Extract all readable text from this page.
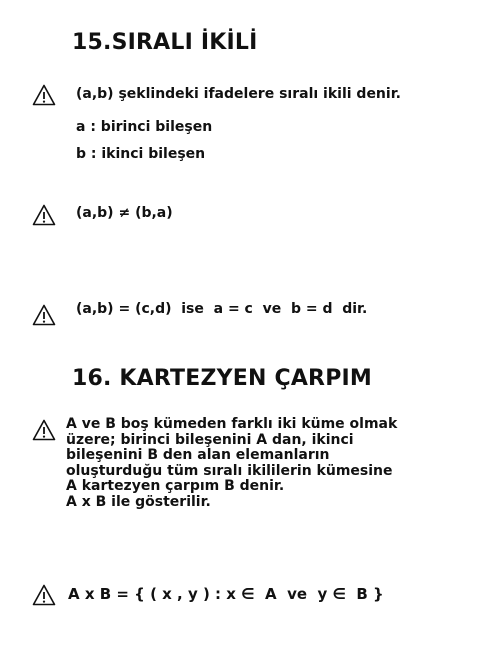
15.SIRALI İKİLİ
(a,b) şeklindeki ifadelere sıralı ikili denir.
a : birinci bileşen
b : ikinci bileşen
(a,b) ≠ (b,a)
(a,b) = (c,d)  ise  a = c  ve  b = d  dir.
16. KARTEZYEN ÇARPIM
A ve B boş kümeden farklı iki küme olmak
üzere; birinci bileşenini A dan, ikinci
bileşenini B den alan elemanların
oluşturduğu tüm sıralı ikililerin kümesine
A kartezyen çarpım B denir.
A x B ile gösterilir.
A x B = { ( x , y ) : x ∈  A  ve  y ∈  B }
